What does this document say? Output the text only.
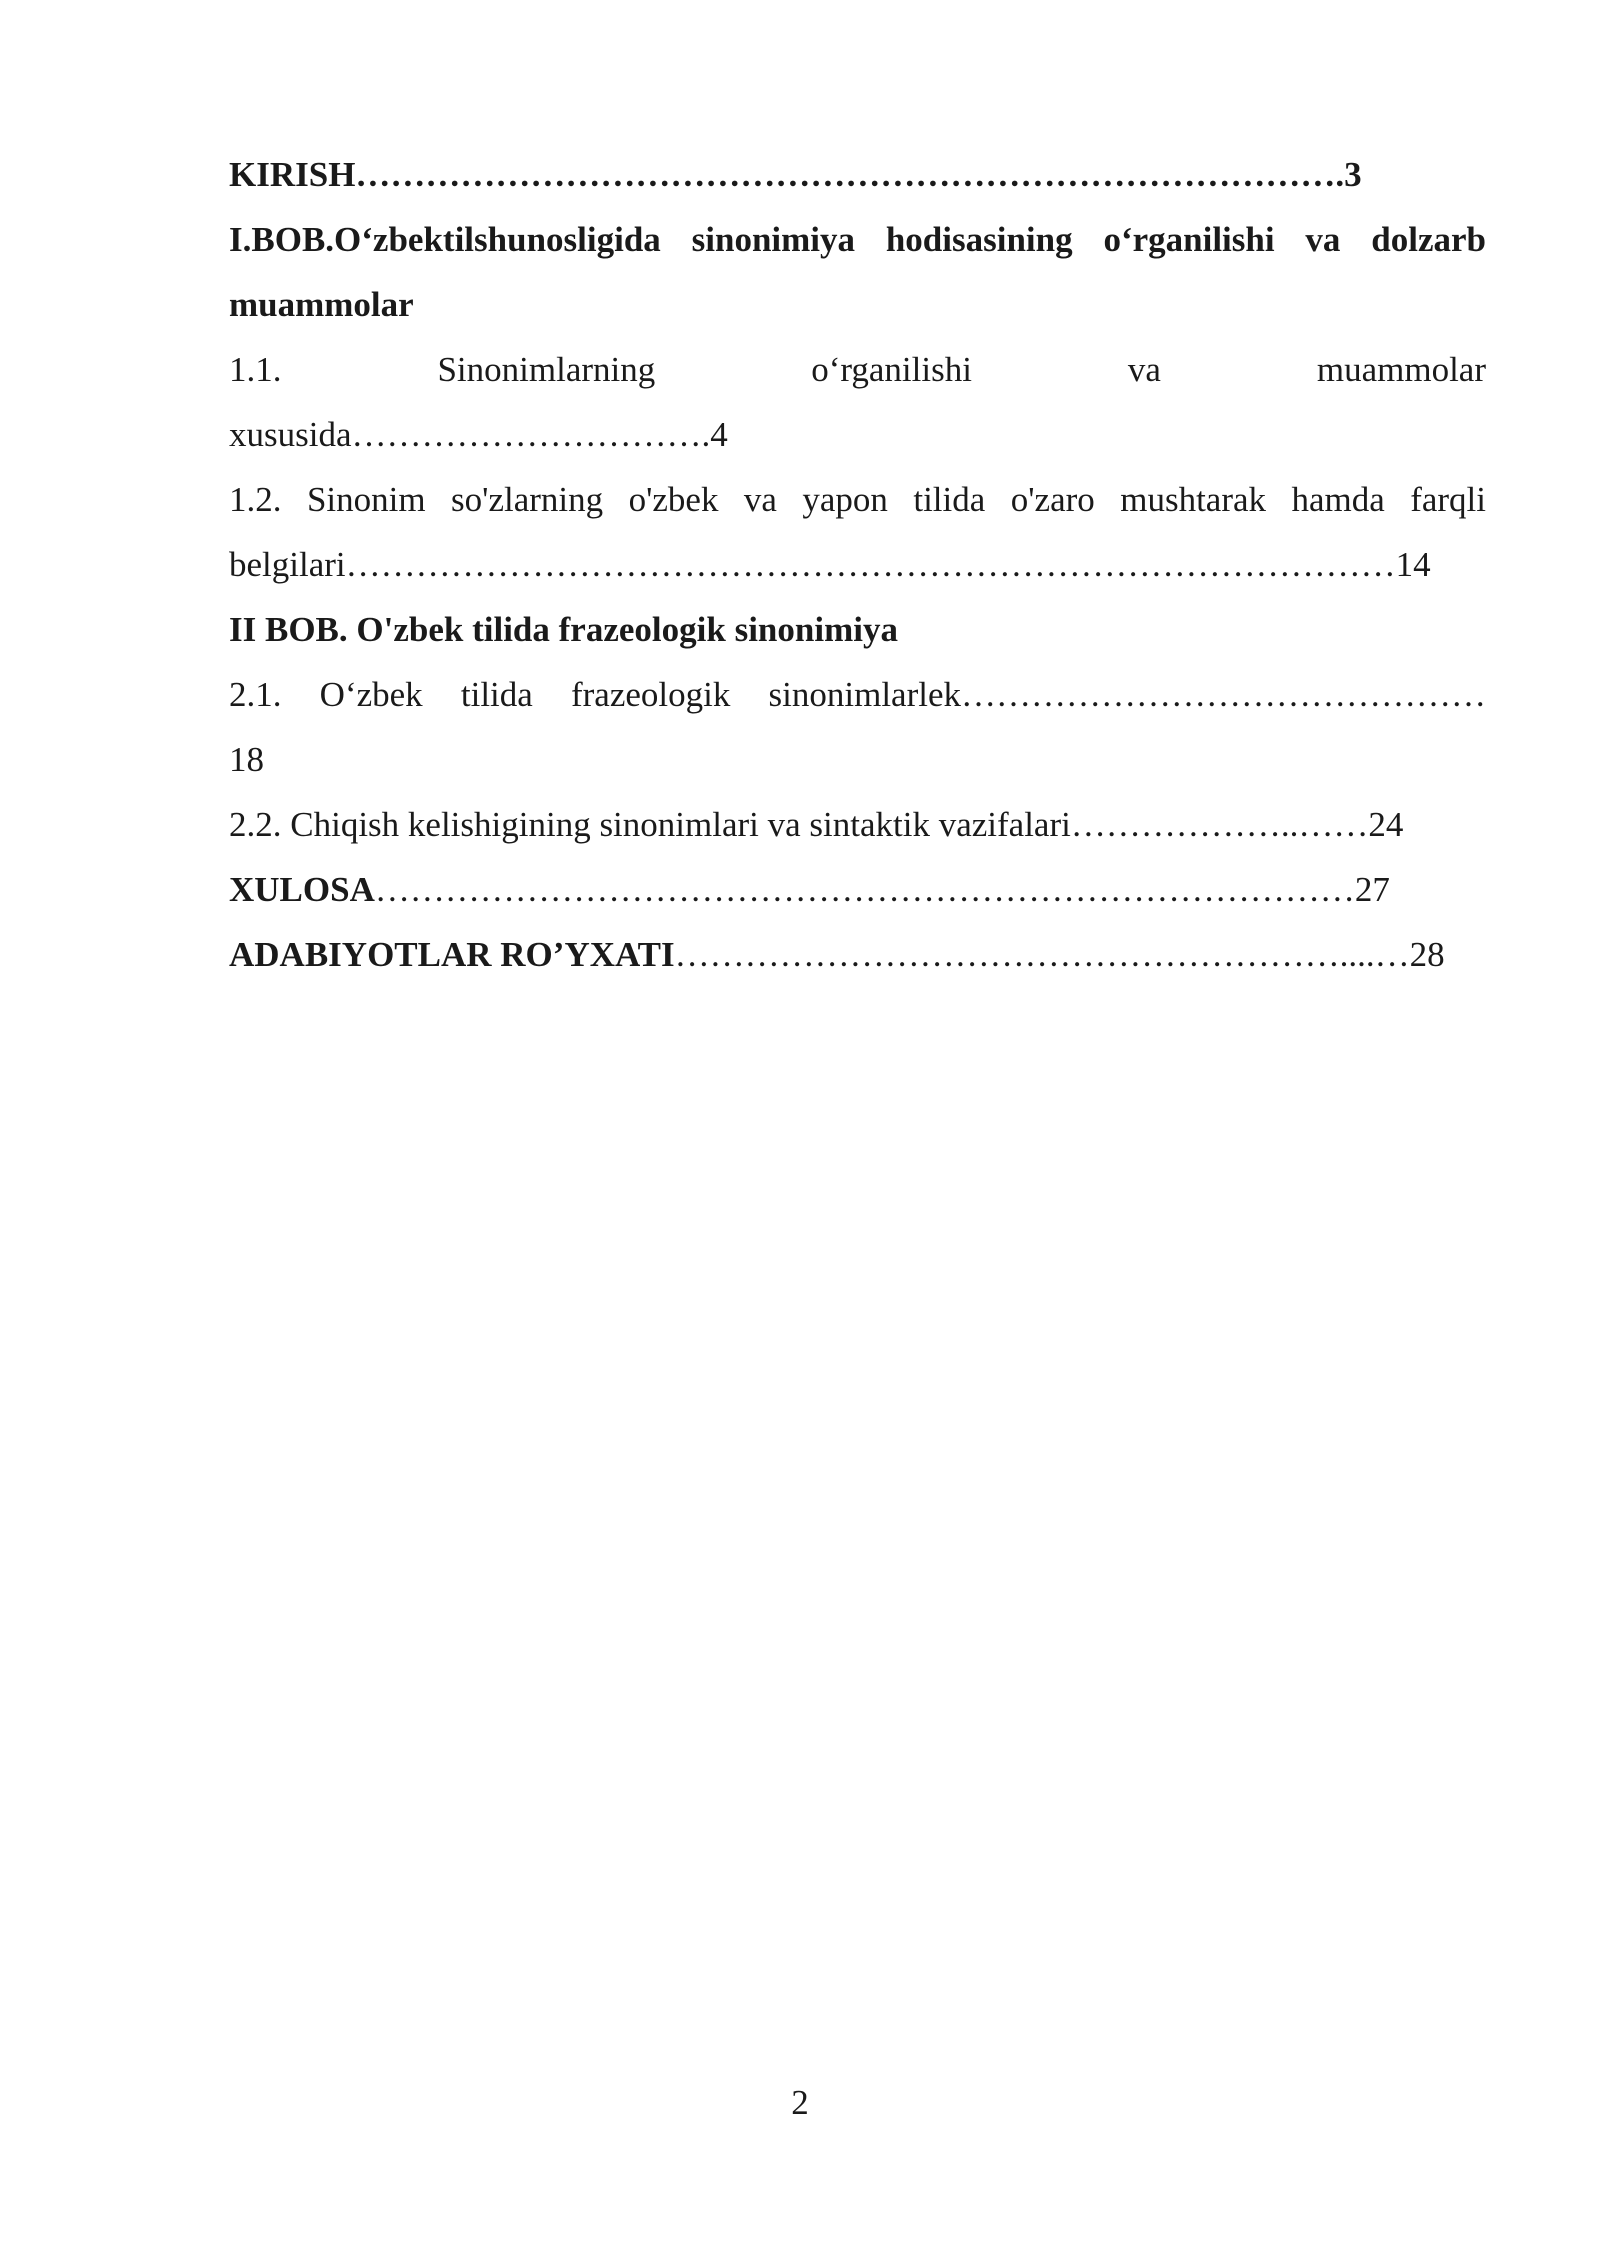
KIRISH………………………………………………………………………….3
I.BOB.O‘zbektilshunosligida sinonimiya hodisasining o‘rganilishi va dolzarb
muammolar
1.1.	Sinonimlarning	o‘rganilishi	va	muammolar
xususida………………………….4
1.2. Sinonim so'zlarning o'zbek va yapon tilida o'zaro mushtarak hamda farqli
belgilari………………………………………………………………………………14
II BOB. O'zbek tilida frazeologik sinonimiya
2.1. O‘zbek tilida frazeologik sinonimlarlek………………………………………
18
2.2. Chiqish kelishigining sinonimlari va sintaktik vazifalari………………..……24
XULOSA…………………………………………………………………………27
ADABIYOTLAR RO’YXATI…………………………………………………....…28
2
